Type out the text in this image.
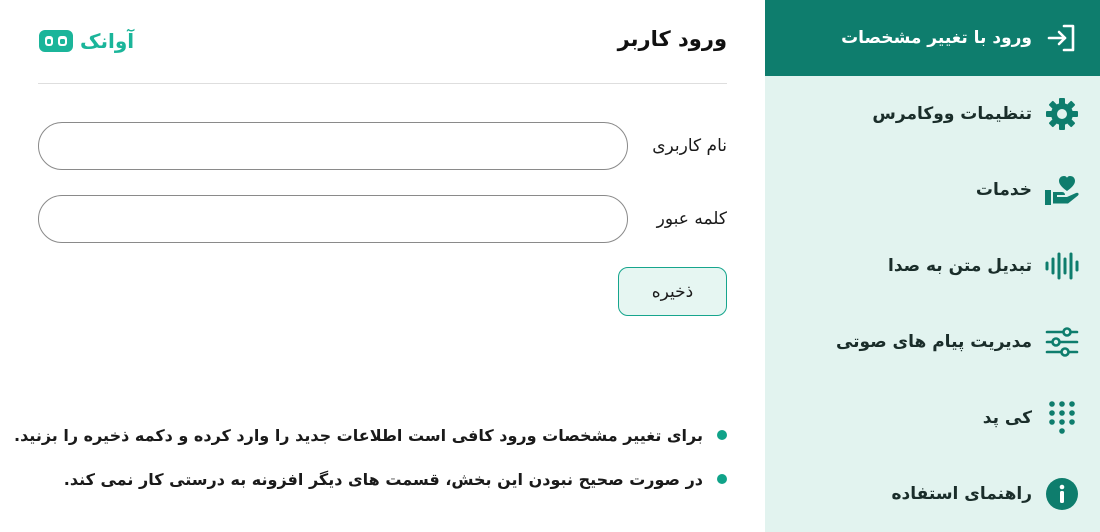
آوانک	ورود کاربر
نام کاربری
کلمه عبور
ذخیره
برای تغییر مشخصات ورود کافی است اطلاعات جدید را وارد کرده و دکمه ذخیره را بزنید.
در صورت صحیح نبودن این بخش، قسمت های دیگر افزونه به درستی کار نمی کند.
ورود با تغییر مشخصات
تنظیمات ووکامرس
خدمات
تبدیل متن به صدا
مدیریت پیام های صوتی
کی پد
راهنمای استفاده
